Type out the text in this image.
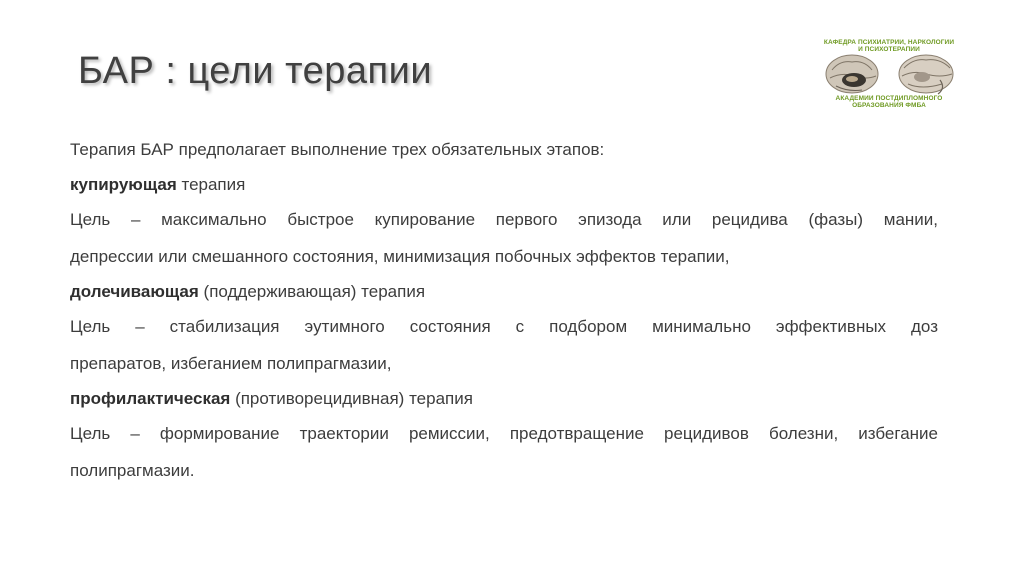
БАР : цели терапии
КАФЕДРА ПСИХИАТРИИ, НАРКОЛОГИИ И ПСИХОТЕРАПИИ
АКАДЕМИИ ПОСТДИПЛОМНОГО ОБРАЗОВАНИЯ ФМБА

Терапия БАР предполагает выполнение трех обязательных этапов:

купирующая терапия

Цель – максимально быстрое купирование первого эпизода или рецидива (фазы) мании,
депрессии или смешанного состояния, минимизация побочных эффектов терапии,

долечивающая (поддерживающая) терапия

Цель – стабилизация эутимного состояния с подбором минимально эффективных доз
препаратов, избеганием полипрагмазии,

профилактическая (противорецидивная) терапия

Цель – формирование траектории ремиссии, предотвращение рецидивов болезни, избегание
полипрагмазии.
